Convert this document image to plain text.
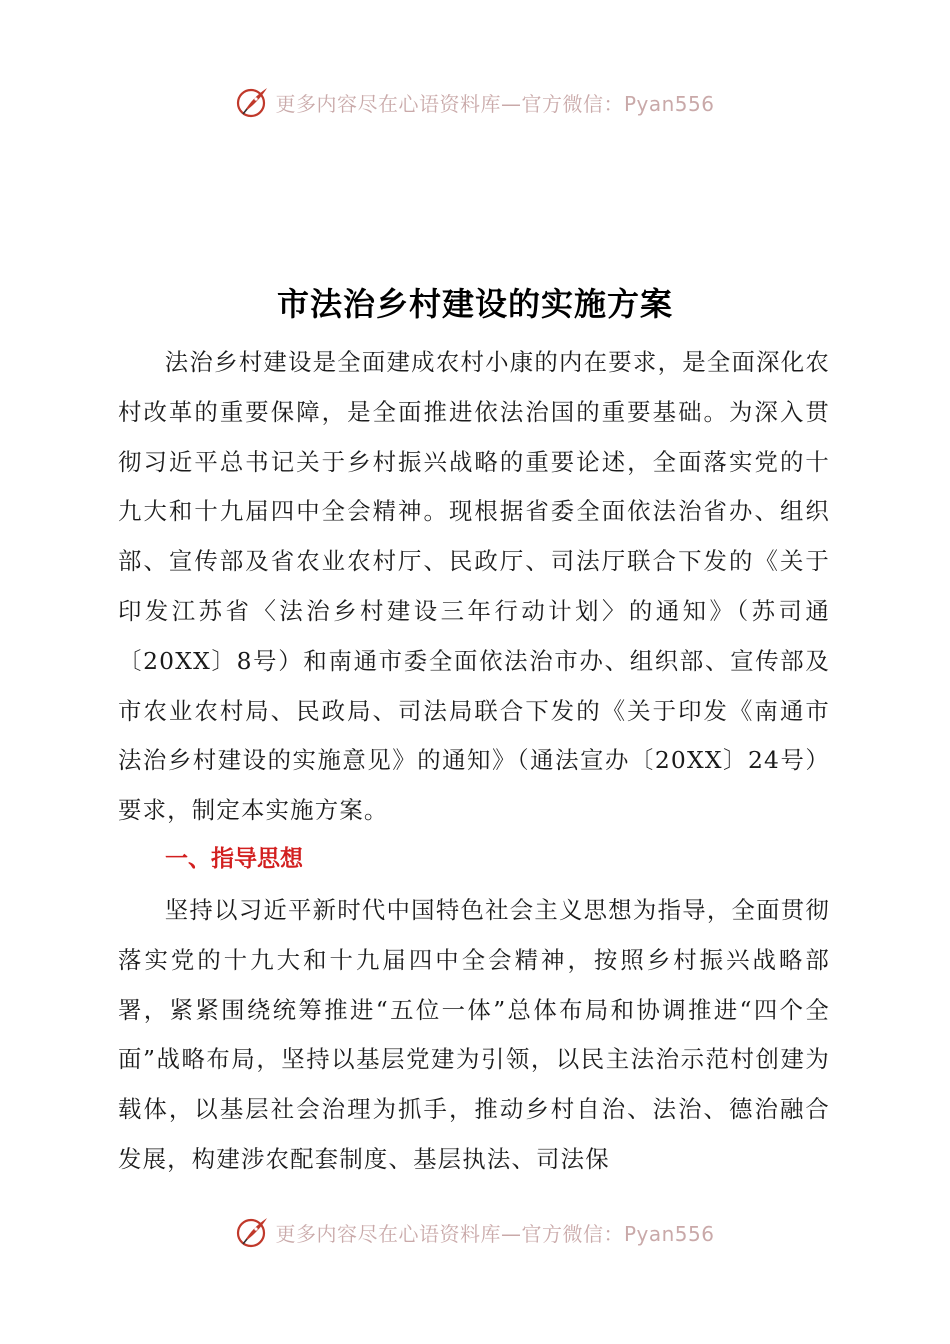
更多内容尽在心语资料库—官方微信：Pyan556
市法治乡村建设的实施方案

法治乡村建设是全面建成农村小康的内在要求，是全面深化农村改革的重要保障，是全面推进依法治国的重要基础。为深入贯彻习近平总书记关于乡村振兴战略的重要论述，全面落实党的十九大和十九届四中全会精神。现根据省委全面依法治省办、组织部、宣传部及省农业农村厅、民政厅、司法厅联合下发的《关于印发江苏省〈法治乡村建设三年行动计划〉的通知》（苏司通〔20XX〕8号）和南通市委全面依法治市办、组织部、宣传部及市农业农村局、民政局、司法局联合下发的《关于印发《南通市法治乡村建设的实施意见》的通知》（通法宣办〔20XX〕24号）要求，制定本实施方案。

一、指导思想

坚持以习近平新时代中国特色社会主义思想为指导，全面贯彻落实党的十九大和十九届四中全会精神，按照乡村振兴战略部署，紧紧围绕统筹推进“五位一体”总体布局和协调推进“四个全面”战略布局，坚持以基层党建为引领，以民主法治示范村创建为载体，以基层社会治理为抓手，推动乡村自治、法治、德治融合发展，构建涉农配套制度、基层执法、司法保

更多内容尽在心语资料库—官方微信：Pyan556
